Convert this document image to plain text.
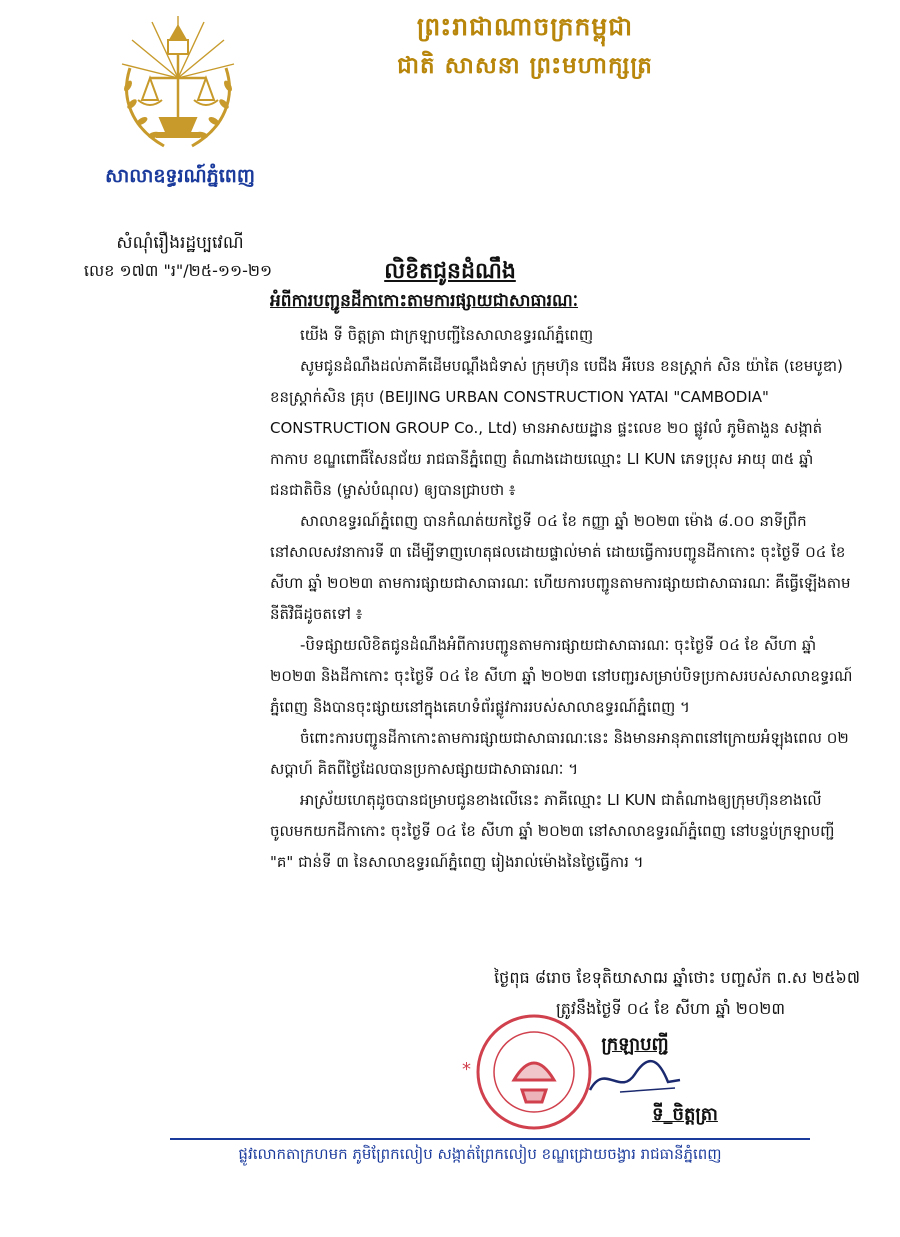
សាលាឧទ្ធរណ៍ភ្នំពេញ
ព្រះរាជាណាចក្រកម្ពុជា
ជាតិ សាសនា ព្រះមហាក្សត្រ
សំណុំរឿងរដ្ឋប្បវេណី
លេខ ១៧៣ "រ"/២៥-១១-២១	លិខិតជូនដំណឹង
អំពីការបញ្ជូនដីកាកោះតាមការផ្សាយជាសាធារណៈ

យើង ទី ចិត្តត្រា ជាក្រឡាបញ្ជីនៃសាលាឧទ្ធរណ៍ភ្នំពេញ

សូមជូនដំណឹងដល់ភាគីដើមបណ្តឹងជំទាស់ ក្រុមហ៊ុន បេជីង អឺបេន ខនស្ត្រាក់ សិន យ៉ាតៃ (ខេមបូឌា) ខនស្ត្រាក់សិន គ្រុប (BEIJING URBAN CONSTRUCTION YATAI "CAMBODIA" CONSTRUCTION GROUP Co., Ltd) មានអាសយដ្ឋាន ផ្ទះលេខ ២០ ផ្លូវលំ ភូមិតាងួន សង្កាត់កាកាប ខណ្ឌពោធិ៍សែនជ័យ រាជធានីភ្នំពេញ តំណាងដោយឈ្មោះ LI KUN ភេទប្រុស អាយុ ៣៥ ឆ្នាំ ជនជាតិចិន (ម្ចាស់បំណុល) ឲ្យបានជ្រាបថា ៖

សាលាឧទ្ធរណ៍ភ្នំពេញ បានកំណត់យកថ្ងៃទី ០៤ ខែ កញ្ញា ឆ្នាំ ២០២៣ ម៉ោង ៨.០០ នាទីព្រឹក នៅសាលសវនាការទី ៣ ដើម្បីទាញហេតុផលដោយផ្ទាល់មាត់ ដោយធ្វើការបញ្ជូនដីកាកោះ ចុះថ្ងៃទី ០៤ ខែ សីហា ឆ្នាំ ២០២៣ តាមការផ្សាយជាសាធារណៈ ហើយការបញ្ជូនតាមការផ្សាយជាសាធារណៈ គឺធ្វើឡើងតាមនីតិវិធីដូចតទៅ ៖

-បិទផ្សាយលិខិតជូនដំណឹងអំពីការបញ្ជូនតាមការផ្សាយជាសាធារណៈ ចុះថ្ងៃទី ០៤ ខែ សីហា ឆ្នាំ ២០២៣ និងដីកាកោះ ចុះថ្ងៃទី ០៤ ខែ សីហា ឆ្នាំ ២០២៣ នៅបញ្ជរសម្រាប់បិទប្រកាសរបស់សាលាឧទ្ធរណ៍ភ្នំពេញ និងបានចុះផ្សាយនៅក្នុងគេហទំព័រផ្លូវការរបស់សាលាឧទ្ធរណ៍ភ្នំពេញ ។

ចំពោះការបញ្ជូនដីកាកោះតាមការផ្សាយជាសាធារណៈនេះ និងមានអានុភាពនៅក្រោយអំឡុងពេល ០២ សប្តាហ៍ គិតពីថ្ងៃដែលបានប្រកាសផ្សាយជាសាធារណៈ ។

អាស្រ័យហេតុដូចបានជម្រាបជូនខាងលើនេះ ភាគីឈ្មោះ LI KUN ជាតំណាងឲ្យក្រុមហ៊ុនខាងលើ ចូលមកយកដីកាកោះ ចុះថ្ងៃទី ០៤ ខែ សីហា ឆ្នាំ ២០២៣ នៅសាលាឧទ្ធរណ៍ភ្នំពេញ នៅបន្ទប់ក្រឡាបញ្ជី "គ" ជាន់ទី ៣ នៃសាលាឧទ្ធរណ៍ភ្នំពេញ រៀងរាល់ម៉ោងនៃថ្ងៃធ្វើការ ។

ថ្ងៃពុធ ៨រោច ខែទុតិយាសាឍ ឆ្នាំថោះ បញ្ចស័ក ព.ស ២៥៦៧
ត្រូវនឹងថ្ងៃទី ០៤ ខែ សីហា ឆ្នាំ ២០២៣
*
ក្រឡាបញ្ជី
ទី_ចិត្តត្រា
ផ្លូវលោកតាក្រហមក ភូមិព្រែកលៀប សង្កាត់ព្រែកលៀប ខណ្ឌជ្រោយចង្វារ រាជធានីភ្នំពេញ
